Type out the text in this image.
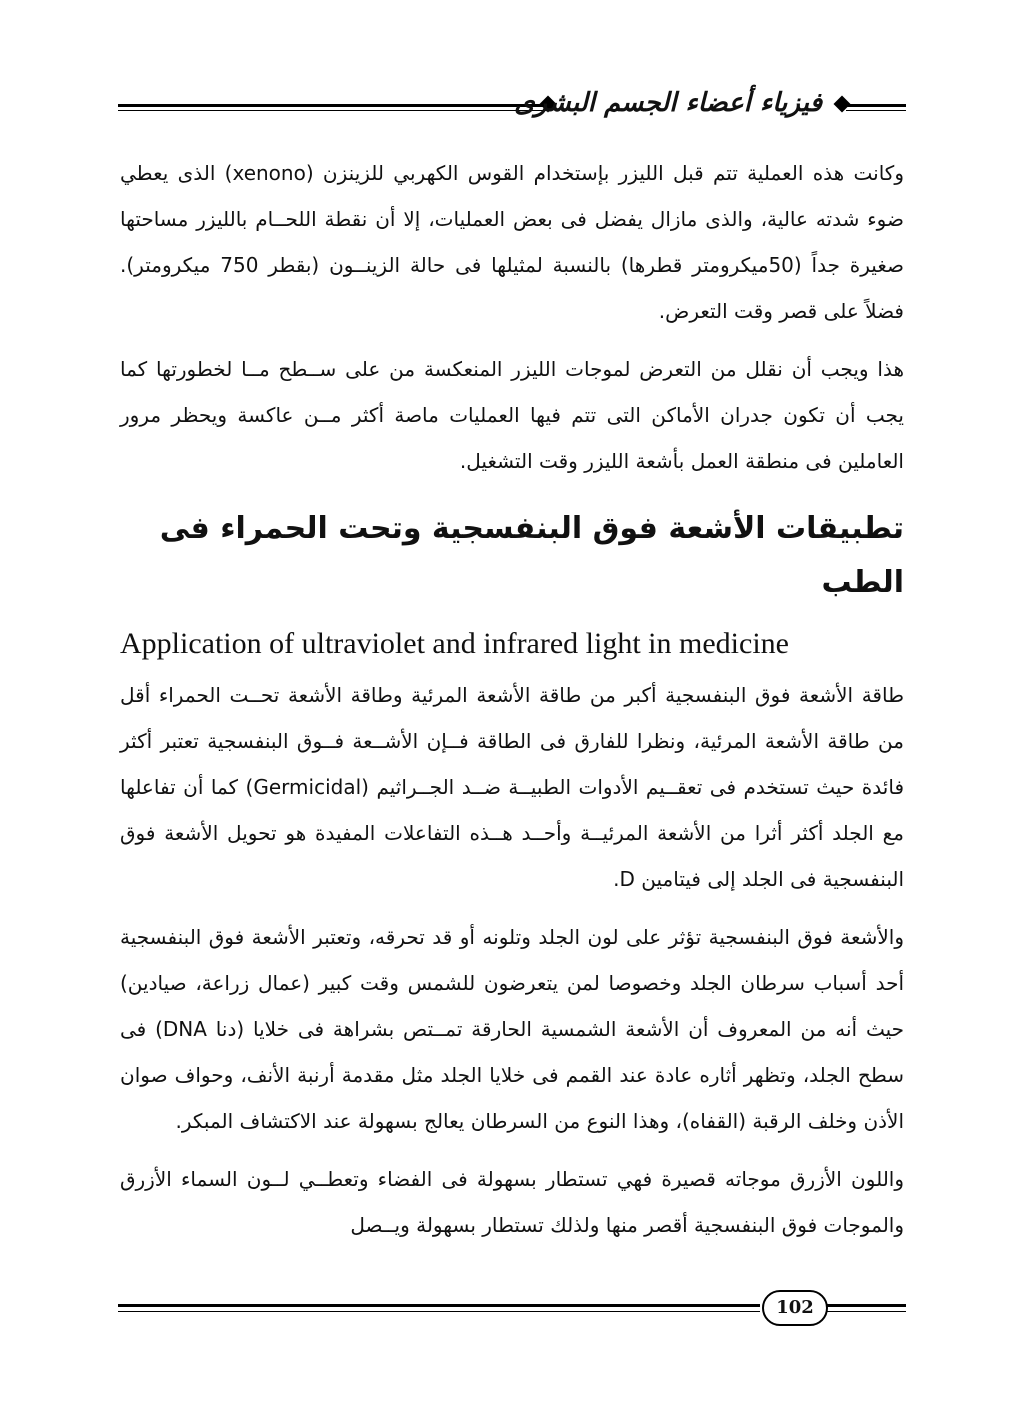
فيزياء أعضاء الجسم البشرى

وكانت هذه العملية تتم قبل الليزر بإستخدام القوس الكهربي للزينزن (xenono) الذى يعطي ضوء شدته عالية، والذى مازال يفضل فى بعض العمليات، إلا أن نقطة اللحــام بالليزر مساحتها صغيرة جداً (50ميكرومتر قطرها) بالنسبة لمثيلها فى حالة الزينــون (بقطر 750 ميكرومتر). فضلاً على قصر وقت التعرض.

هذا ويجب أن نقلل من التعرض لموجات الليزر المنعكسة من على ســطح مــا لخطورتها كما يجب أن تكون جدران الأماكن التى تتم فيها العمليات ماصة أكثر مــن عاكسة ويحظر مرور العاملين فى منطقة العمل بأشعة الليزر وقت التشغيل.

تطبيقات الأشعة فوق البنفسجية وتحت الحمراء فى الطب
Application of ultraviolet and infrared light in medicine

طاقة الأشعة فوق البنفسجية أكبر من طاقة الأشعة المرئية وطاقة الأشعة تحــت الحمراء أقل من طاقة الأشعة المرئية، ونظرا للفارق فى الطاقة فــإن الأشــعة فــوق البنفسجية تعتبر أكثر فائدة حيث تستخدم فى تعقــيم الأدوات الطبيــة ضــد الجــراثيم (Germicidal) كما أن تفاعلها مع الجلد أكثر أثرا من الأشعة المرئيــة وأحــد هــذه التفاعلات المفيدة هو تحويل الأشعة فوق البنفسجية فى الجلد إلى فيتامين D.

والأشعة فوق البنفسجية تؤثر على لون الجلد وتلونه أو قد تحرقه، وتعتبر الأشعة فوق البنفسجية أحد أسباب سرطان الجلد وخصوصا لمن يتعرضون للشمس وقت كبير (عمال زراعة، صيادين) حيث أنه من المعروف أن الأشعة الشمسية الحارقة تمــتص بشراهة فى خلايا (دنا DNA) فى سطح الجلد، وتظهر أثاره عادة عند القمم فى خلايا الجلد مثل مقدمة أرنبة الأنف، وحواف صوان الأذن وخلف الرقبة (القفاه)، وهذا النوع من السرطان يعالج بسهولة عند الاكتشاف المبكر.

واللون الأزرق موجاته قصيرة فهي تستطار بسهولة فى الفضاء وتعطــي لــون السماء الأزرق والموجات فوق البنفسجية أقصر منها ولذلك تستطار بسهولة ويــصل

102
